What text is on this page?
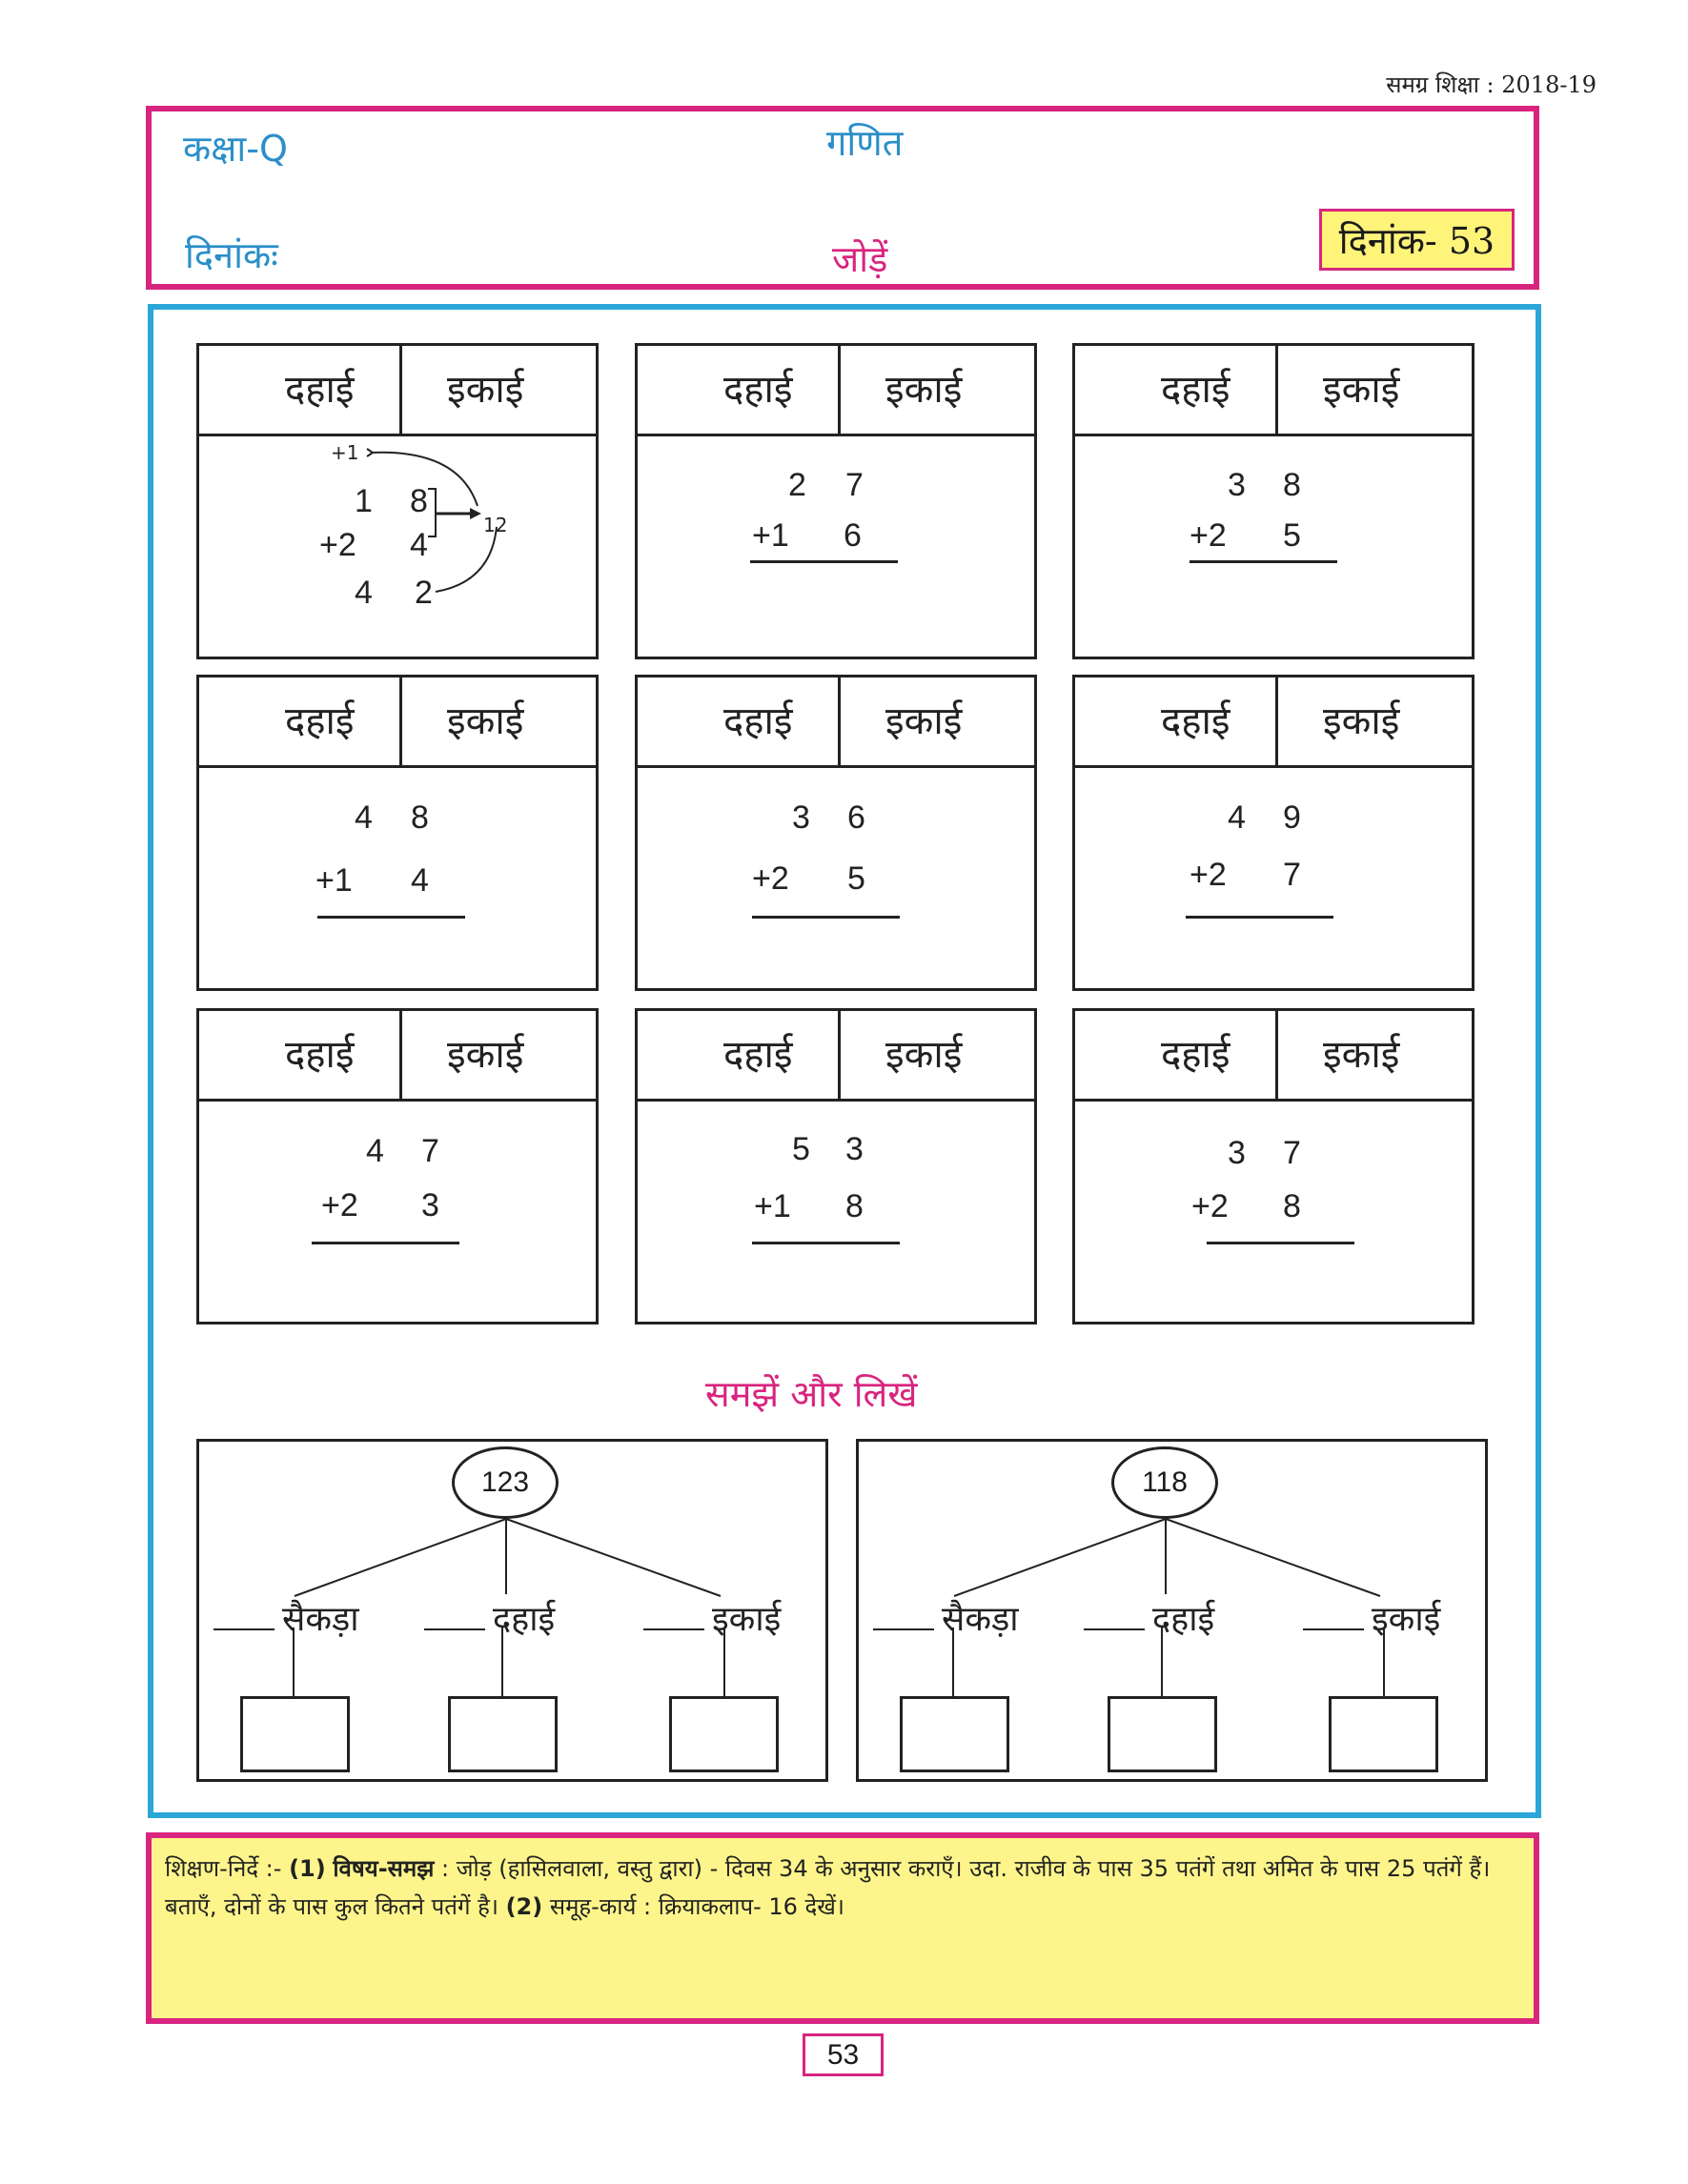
समग्र शिक्षा : 2018-19
कक्षा-Q	गणित
दिनांकः	जोड़ें	दिनांक- 53
दहाई इकाई
+1
1 8
+2 4
12
4 2
दहाई इकाई
2 7
+1 6
दहाई इकाई
3 8
+2 5
दहाई इकाई
4 8
+1 4
दहाई इकाई
3 6
+2 5
दहाई इकाई
4 9
+2 7
दहाई इकाई
4 7
+2 3
दहाई इकाई
5 3
+1 8
दहाई इकाई
3 7
+2 8
समझें और लिखें
123
सैकड़ा	दहाई	इकाई
118
सैकड़ा	दहाई	इकाई
शिक्षण-निर्दे :- (1) विषय-समझ : जोड़ (हासिलवाला, वस्तु द्वारा) - दिवस 34 के अनुसार कराएँ। उदा. राजीव के पास 35 पतंगें तथा अमित के पास 25 पतंगें हैं। बताएँ, दोनों के पास कुल कितने पतंगें है। (2) समूह-कार्य : क्रियाकलाप- 16 देखें।
53
